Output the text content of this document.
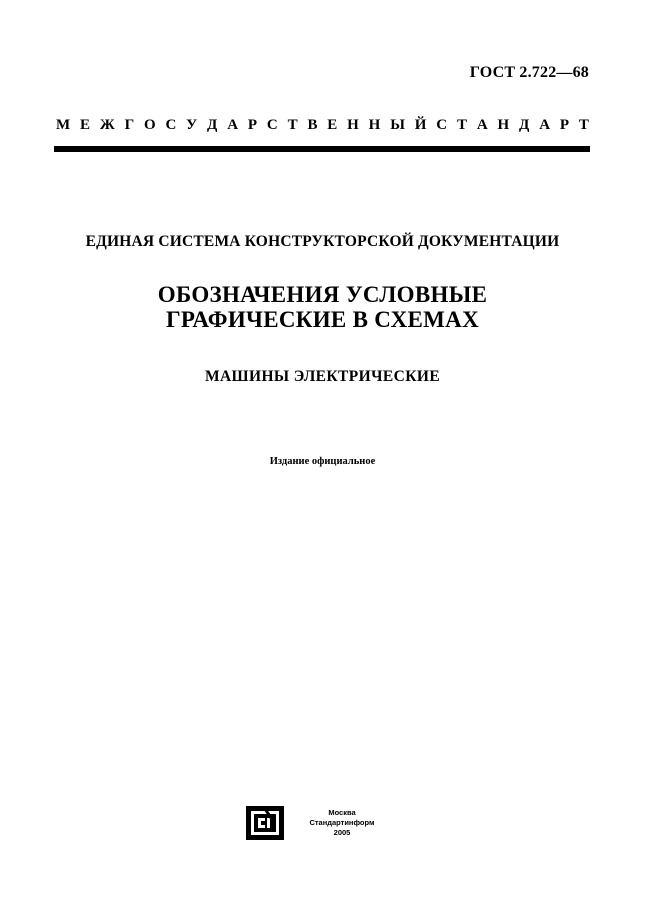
ГОСТ 2.722—68
М Е Ж Г О С У Д А Р С Т В Е Н Н Ы Й С Т А Н Д А Р Т
ЕДИНАЯ СИСТЕМА КОНСТРУКТОРСКОЙ ДОКУМЕНТАЦИИ
ОБОЗНАЧЕНИЯ УСЛОВНЫЕ
ГРАФИЧЕСКИЕ В СХЕМАХ
МАШИНЫ ЭЛЕКТРИЧЕСКИЕ
Издание официальное
Москва
Стандартинформ
2005
